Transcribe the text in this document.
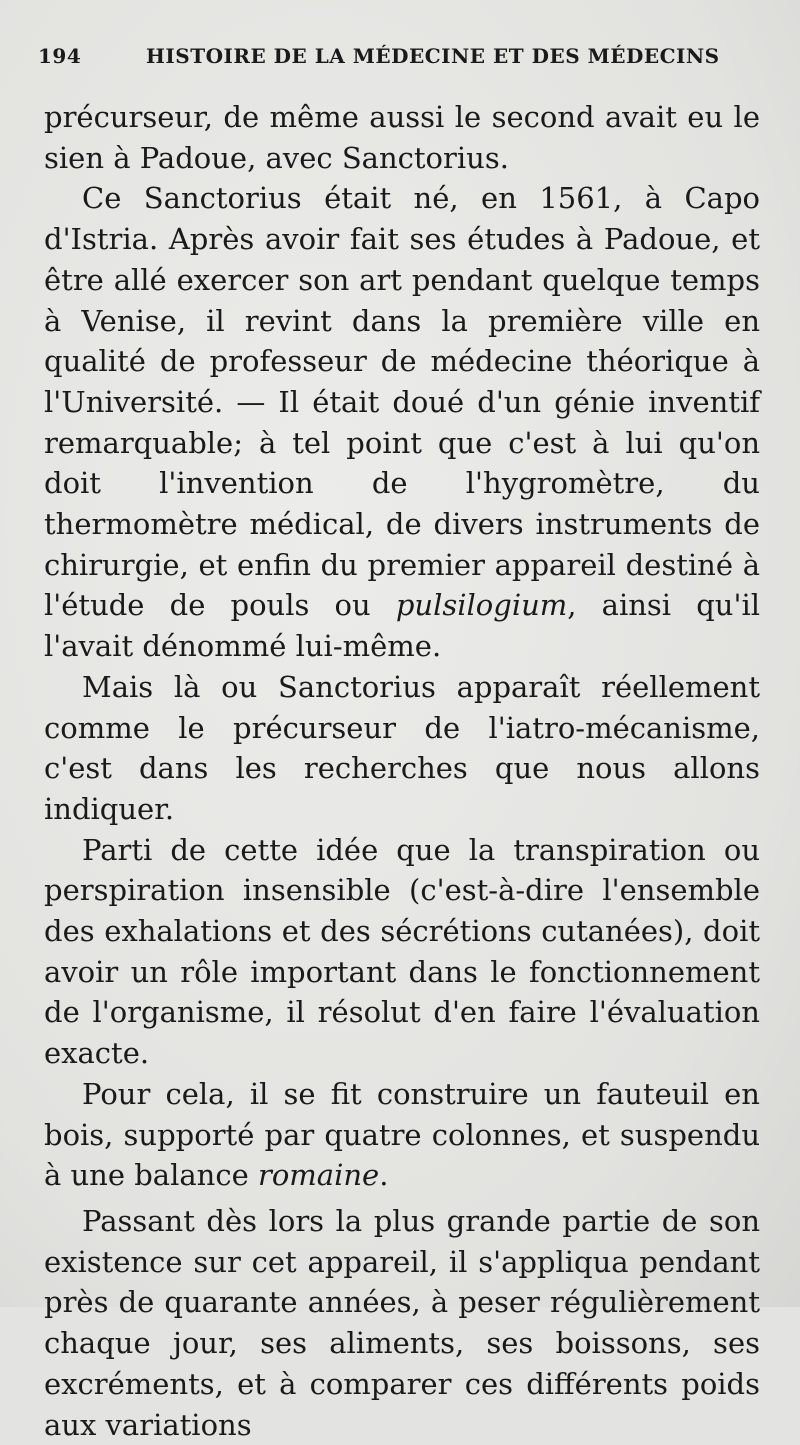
194	HISTOIRE DE LA MÉDECINE ET DES MÉDECINS

précurseur, de même aussi le second avait eu le sien à Padoue, avec Sanctorius.

Ce Sanctorius était né, en 1561, à Capo d'Istria. Après avoir fait ses études à Padoue, et être allé exercer son art pendant quelque temps à Venise, il revint dans la première ville en qualité de professeur de médecine théorique à l'Université. — Il était doué d'un génie inventif remarquable; à tel point que c'est à lui qu'on doit l'invention de l'hygromètre, du thermomètre médical, de divers instruments de chirurgie, et enfin du premier appareil destiné à l'étude de pouls ou pulsilogium, ainsi qu'il l'avait dénommé lui-même.

Mais là ou Sanctorius apparaît réellement comme le précurseur de l'iatro-mécanisme, c'est dans les recherches que nous allons indiquer.

Parti de cette idée que la transpiration ou perspiration insensible (c'est-à-dire l'ensemble des exhalations et des sécrétions cutanées), doit avoir un rôle important dans le fonctionnement de l'organisme, il résolut d'en faire l'évaluation exacte.

Pour cela, il se fit construire un fauteuil en bois, supporté par quatre colonnes, et suspendu à une balance romaine.

Passant dès lors la plus grande partie de son existence sur cet appareil, il s'appliqua pendant près de quarante années, à peser régulièrement chaque jour, ses aliments, ses boissons, ses excréments, et à comparer ces différents poids aux variations
